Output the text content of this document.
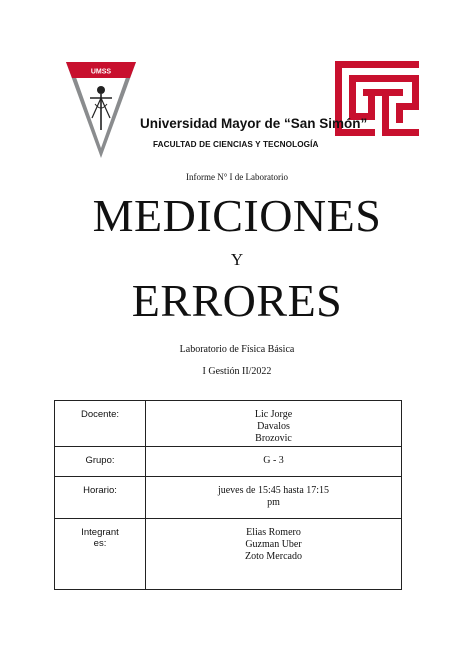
UMSS
Universidad Mayor de “San Simón”
FACULTAD DE CIENCIAS Y TECNOLOGÍA
Informe N° I de Laboratorio
MEDICIONES
Y
ERRORES
Laboratorio de Física Básica
I Gestión II/2022
Docente:	Lic Jorge
Davalos
Brozovic
Grupo:	G - 3
Horario:	jueves de 15:45 hasta 17:15
pm
Integrant
es:	Elias Romero
Guzman Uber
Zoto Mercado
